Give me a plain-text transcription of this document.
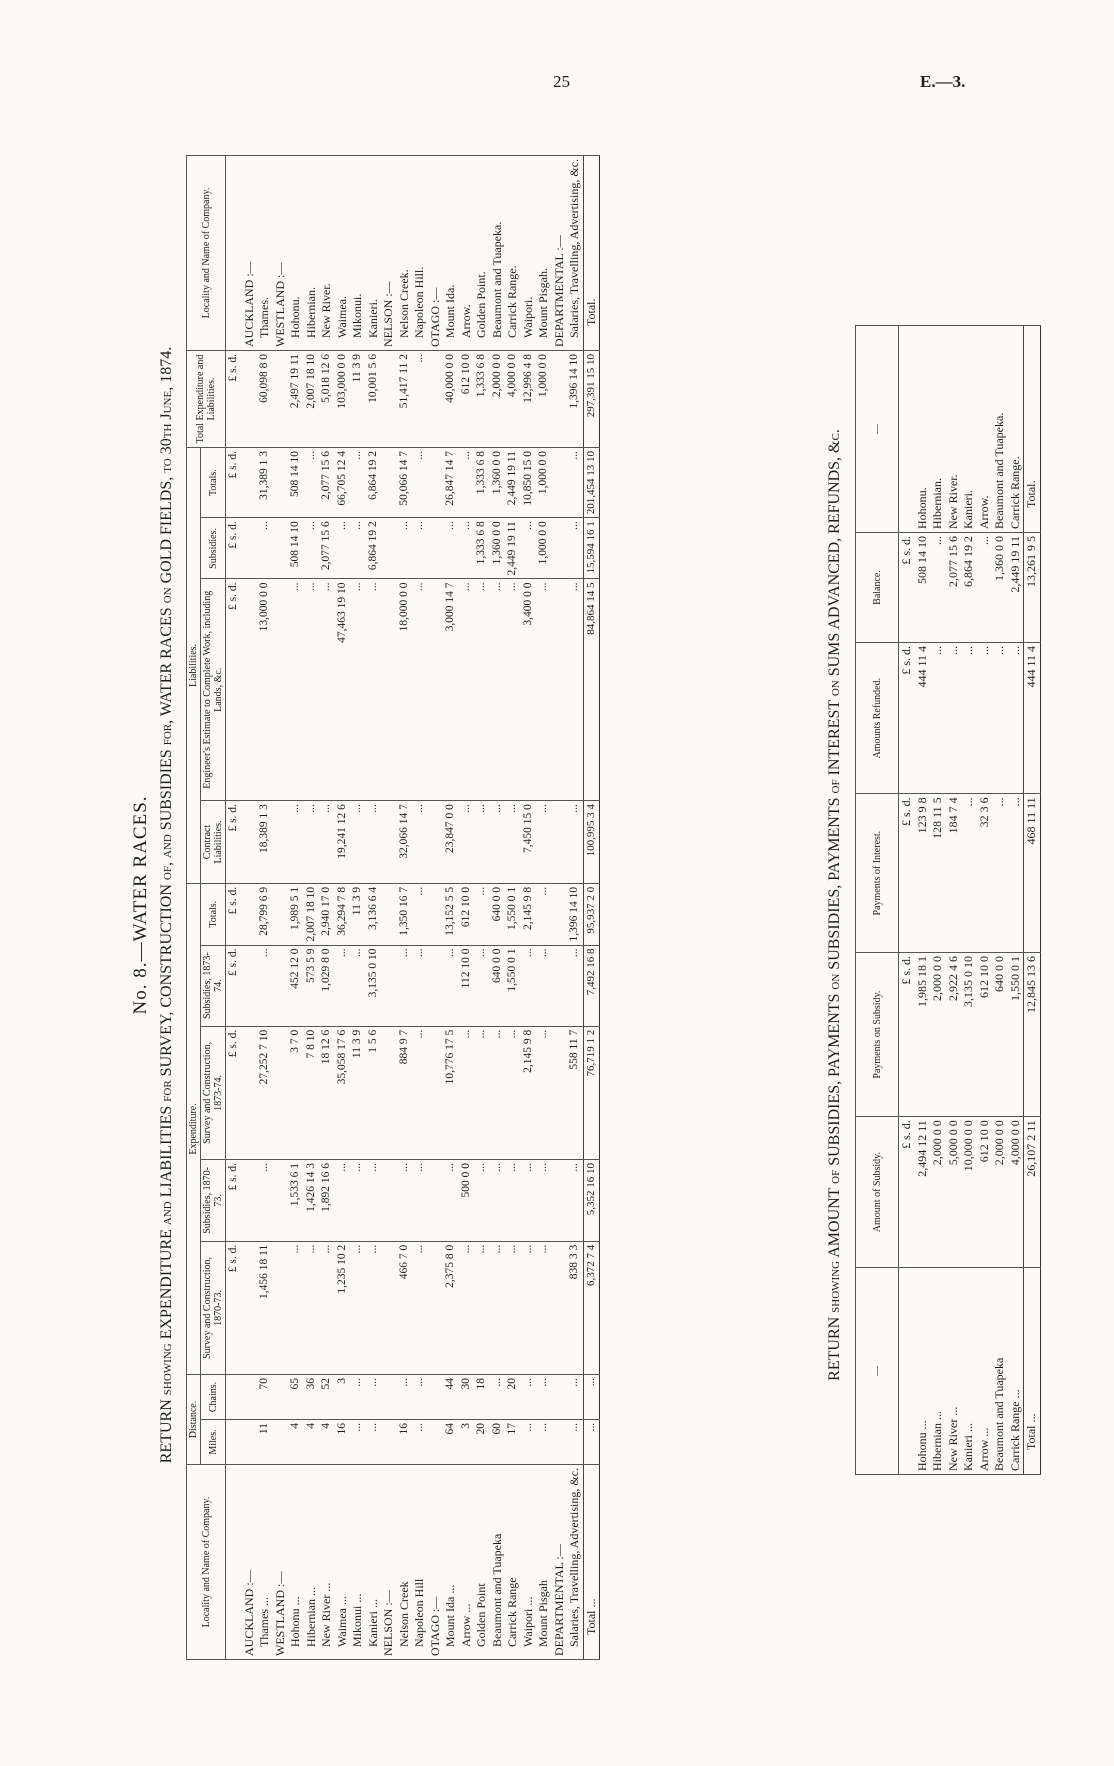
25	E.—3.
No. 8.—WATER RACES. RETURN showing EXPENDITURE and LIABILITIES for SURVEY, CONSTRUCTION of, and SUBSIDIES for, WATER RACES on GOLD FIELDS, to 30th June, 1874.
Locality and Name of Company.	Distance.		Expenditure.					Liabilities.				Total Expenditure and Liabilities.	Locality and Name of Company.
	Miles.	Chains.	Survey and Construction, 1870-73.	Subsidies, 1870-73.	Survey and Construction, 1873-74.	Subsidies, 1873-74.	Totals.	Contract Liabilities.	Engineer's Estimate to Complete Work, including Lands, &c.	Subsidies.	Totals.		
			£ s. d.	£ s. d.	£ s. d.	£ s. d.	£ s. d.	£ s. d.	£ s. d.	£ s. d.	£ s. d.	£ s. d.	
AUCKLAND :—													AUCKLAND :—
Thames ...	11	70	1,456 18 11	...	27,252 7 10	...	28,799 6 9	18,389 1 3	13,000 0 0	...	31,389 1 3	60,098 8 0	Thames.
WESTLAND :—													WESTLAND :—
Hohonu ...	4	65	...	1,533 6 1	3 7 0	452 12 0	1,989 5 1	...	...	508 14 10	508 14 10	2,497 19 11	Hohonu.
Hibernian ...	4	36	...	1,426 14 3	7 8 10	573 5 9	2,007 18 10	...	...	...	...	2,007 18 10	Hibernian.
New River ...	4	52	...	1,892 16 6	18 12 6	1,029 8 0	2,940 17 0	...	...	2,077 15 6	2,077 15 6	5,018 12 6	New River.
Waimea ...	16	3	1,235 10 2	...	35,058 17 6	...	36,294 7 8	19,241 12 6	47,463 19 10	...	66,705 12 4	103,000 0 0	Waimea.
Mikonui ...	...	...	...	...	11 3 9	...	11 3 9	...	...	...	...	11 3 9	Mikonui.
Kanieri ...	...	...	...	...	1 5 6	3,135 0 10	3,136 6 4	...	...	6,864 19 2	6,864 19 2	10,001 5 6	Kanieri.
NELSON :—													NELSON :—
Nelson Creek	16	...	466 7 0	...	884 9 7	...	1,350 16 7	32,066 14 7	18,000 0 0	...	50,066 14 7	51,417 11 2	Nelson Creek.
Napoleon Hill	...	...	...	...	...	...	...	...	...	...	...	...	Napoleon Hill.
OTAGO :—													OTAGO :—
Mount Ida ...	64	44	2,375 8 0	...	10,776 17 5	...	13,152 5 5	23,847 0 0	3,000 14 7	...	26,847 14 7	40,000 0 0	Mount Ida.
Arrow ...	3	30	...	500 0 0	...	112 10 0	612 10 0	...	...	...	...	612 10 0	Arrow.
Golden Point	20	18	...	...	...	...	...	...	...	1,333 6 8	1,333 6 8	1,333 6 8	Golden Point.
Beaumont and Tuapeka	60	...	...	...	...	640 0 0	640 0 0	...	...	1,360 0 0	1,360 0 0	2,000 0 0	Beaumont and Tuapeka.
Carrick Range	17	20	...	...	...	1,550 0 1	1,550 0 1	...	...	2,449 19 11	2,449 19 11	4,000 0 0	Carrick Range.
Waipori ...	...	...	...	...	2,145 9 8	...	2,145 9 8	7,450 15 0	3,400 0 0	...	10,850 15 0	12,996 4 8	Waipori.
Mount Pisgah	...	...	...	...	...	...	...	...	...	1,000 0 0	1,000 0 0	1,000 0 0	Mount Pisgah.
DEPARTMENTAL :—													DEPARTMENTAL :—
Salaries, Travelling, Advertising, &c.	...	...	838 3 3	...	558 11 7	...	1,396 14 10	...	...	...	...	1,396 14 10	Salaries, Travelling, Advertising, &c.
Total ...	...	...	6,372 7 4	5,352 16 10	76,719 1 2	7,492 16 8	95,937 2 0	100,995 3 4	84,864 14 5	15,594 16 1	201,454 13 10	297,391 15 10	Total.
RETURN showing AMOUNT of SUBSIDIES, PAYMENTS on SUBSIDIES, PAYMENTS of INTEREST on SUMS ADVANCED, REFUNDS, &c.	—	Amount of Subsidy.	Payments on Subsidy.	Payments of Interest.	Amounts Refunded.	Balance.	—
	£ s. d.	£ s. d.	£ s. d.	£ s. d.	£ s. d.	
Hohonu ...	2,494 12 11	1,985 18 1	123 9 8	444 11 4	508 14 10	Hohonu.
Hibernian ...	2,000 0 0	2,000 0 0	128 11 5	...	...	Hibernian.
New River ...	5,000 0 0	2,922 4 6	184 7 4	...	2,077 15 6	New River.
Kanieri ...	10,000 0 0	3,135 0 10	...	...	6,864 19 2	Kanieri.
Arrow ...	612 10 0	612 10 0	32 3 6	...	...	Arrow.
Beaumont and Tuapeka	2,000 0 0	640 0 0	...	...	1,360 0 0	Beaumont and Tuapeka.
Carrick Range ...	4,000 0 0	1,550 0 1	...	...	2,449 19 11	Carrick Range.
Total ...	26,107 2 11	12,845 13 6	468 11 11	444 11 4	13,261 9 5	Total.
